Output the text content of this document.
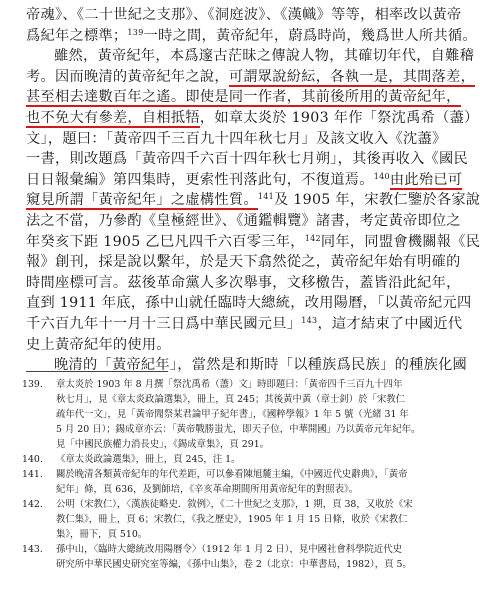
帝魂》、《二十世紀之支那》、《洞庭波》、《漢幟》等等，相率改以黃帝
爲紀年之標準；$^{139}$一時之間，黃帝紀年，蔚爲時尚，幾爲世人所共循。
雖然，黃帝紀年，本爲邃古茫昧之傳說人物，其確切年代，自難稽
考。因而晚清的黃帝紀年之說，可謂眾說紛紜，各執一是，其間落差，
甚至相去達數百年之遙。即使是同一作者，其前後所用的黃帝紀年，
也不免大有參差，自相抵牾，如章太炎於 1903 年作「祭沈禹希（藎）
文」，題曰：「黃帝四千三百九十四年秋七月」及該文收入《沈藎》
一書，則改題爲「黃帝四千六百十四年秋七月朔」，其後再收入《國民
日日報彙編》第四集時，更索性刊落此句，不復道焉。$^{140}$由此殆已可
窺見所謂「黃帝紀年」之虛構性質。$^{141}$及 1905 年，宋教仁鑒於各家說
法之不當，乃參酌《皇極經世》、《通鑑輯覽》諸書，考定黃帝即位之
年癸亥下距 1905 乙巳凡四千六百零三年，$^{142}$同年，同盟會機關報《民
報》創刊，採是說以繫年，於是天下翕然從之，黃帝紀年始有明確的
時間座標可言。茲後革命黨人多次舉事，文移檄告，蓋皆沿此紀年，
直到 1911 年底，孫中山就任臨時大總統，改用陽曆，「以黃帝紀元四
千六百九年十一月十三日爲中華民國元旦」$^{143}$，這才結束了中國近代
史上黃帝紀年的使用。
晚清的「黃帝紀年」，當然是和斯時「以種族爲民族」的種族化國
139. 章太炎於 1903 年 8 月撰「祭沈禹希（藎）文」時即題曰：「黃帝四千三百九十四年
秋七月」，見《章太炎政論選集》，冊上，頁 245；其後黃中黃（章士釗）於「宋教仁
疏年代一文」，見「黃帝聞祭某君論甲子紀年書」，《國粹學報》1 年 5 號（光緒 31 年
5 月 20 日）；錫成章亦云：「黃帝戰勝蚩尤，即天子位，中華開國」乃以黃帝元年紀年。
見「中國民族權力消長史」，《錫成章集》，頁 291。
140. 《章太炎政論選集》，冊上，頁 245，注 1。
141. 關於晚清各類黃帝紀年的年代差距，可以參看陳旭麓主編，《中國近代史辭典》，「黃帝
紀年」條，頁 636，及劉師培，《辛亥革命期間所用黃帝紀年的對照表》。
142. 公明（宋教仁），〈漢族徒略史．敘例〉，《二十世紀之支那》，1 期，頁 38，又收於《宋
教仁集》，冊上，頁 6；宋教仁，《我之歷史》，1905 年 1 月 15 日條，收於《宋教仁
集》，冊下，頁 510。
143. 孫中山，〈臨時大總統改用陽曆令〉（1912 年 1 月 2 日），見中國社會科學院近代史
研究所中華民國史研究室等編，《孫中山集》，卷 2（北京：中華書局，1982），頁 5。
